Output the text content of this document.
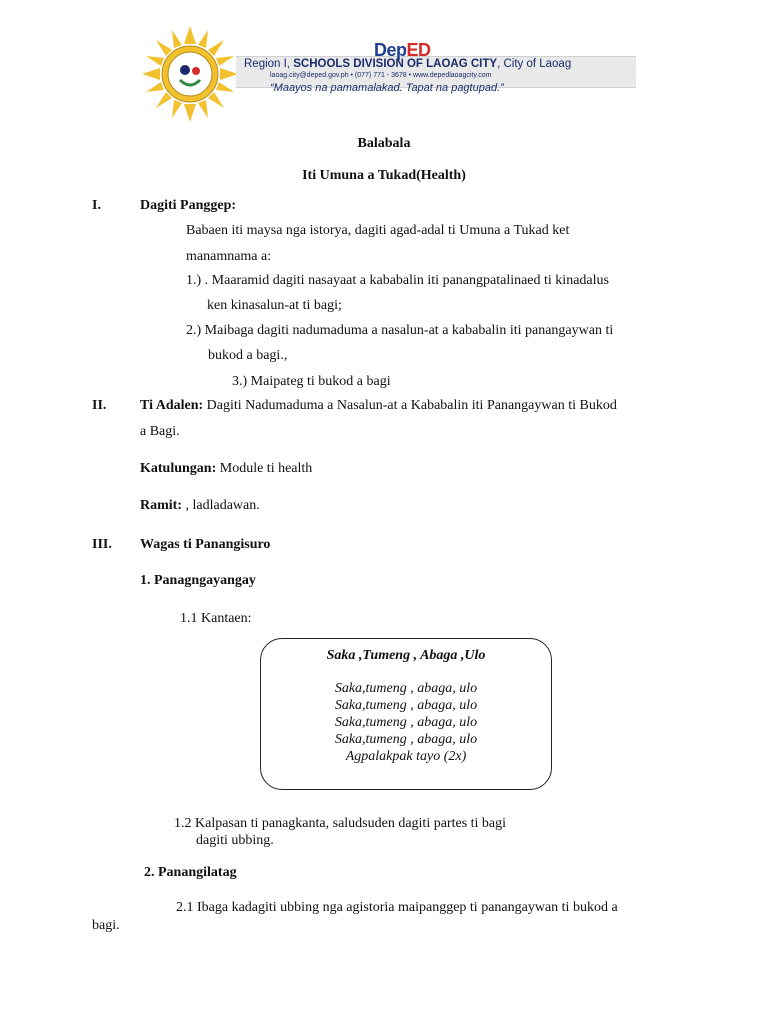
DepED
Region I, SCHOOLS DIVISION OF LAOAG CITY, City of Laoag
laoag.city@deped.gov.ph • (077) 771 - 3678 • www.depedlaoagcity.com
“Maayos na pamamalakad. Tapat na pagtupad.”
Balabala
Iti Umuna a Tukad(Health)
I.	Dagiti Panggep:
Babaen iti maysa nga istorya, dagiti agad-adal ti Umuna a Tukad ket
manamnama a:
1.) . Maaramid dagiti nasayaat a kababalin iti panangpatalinaed ti kinadalus
ken kinasalun-at ti bagi;
2.) Maibaga dagiti nadumaduma a nasalun-at a kababalin iti panangaywan ti
bukod a bagi.,
3.) Maipateg ti bukod a bagi
II. Ti Adalen: Dagiti Nadumaduma a Nasalun-at a Kababalin iti Panangaywan ti Bukod
a Bagi.
Katulungan: Module ti health
Ramit: , ladladawan.
III. Wagas ti Panangisuro
1. Panagngayangay
1.1 Kantaen:
Saka ,Tumeng , Abaga ,Ulo
Saka,tumeng , abaga, ulo
Saka,tumeng , abaga, ulo
Saka,tumeng , abaga, ulo
Saka,tumeng , abaga, ulo
Agpalakpak tayo (2x)
1.2 Kalpasan ti panagkanta, saludsuden dagiti partes ti bagi
dagiti ubbing.
2. Panangilatag
2.1 Ibaga kadagiti ubbing nga agistoria maipanggep ti panangaywan ti bukod a
bagi.
